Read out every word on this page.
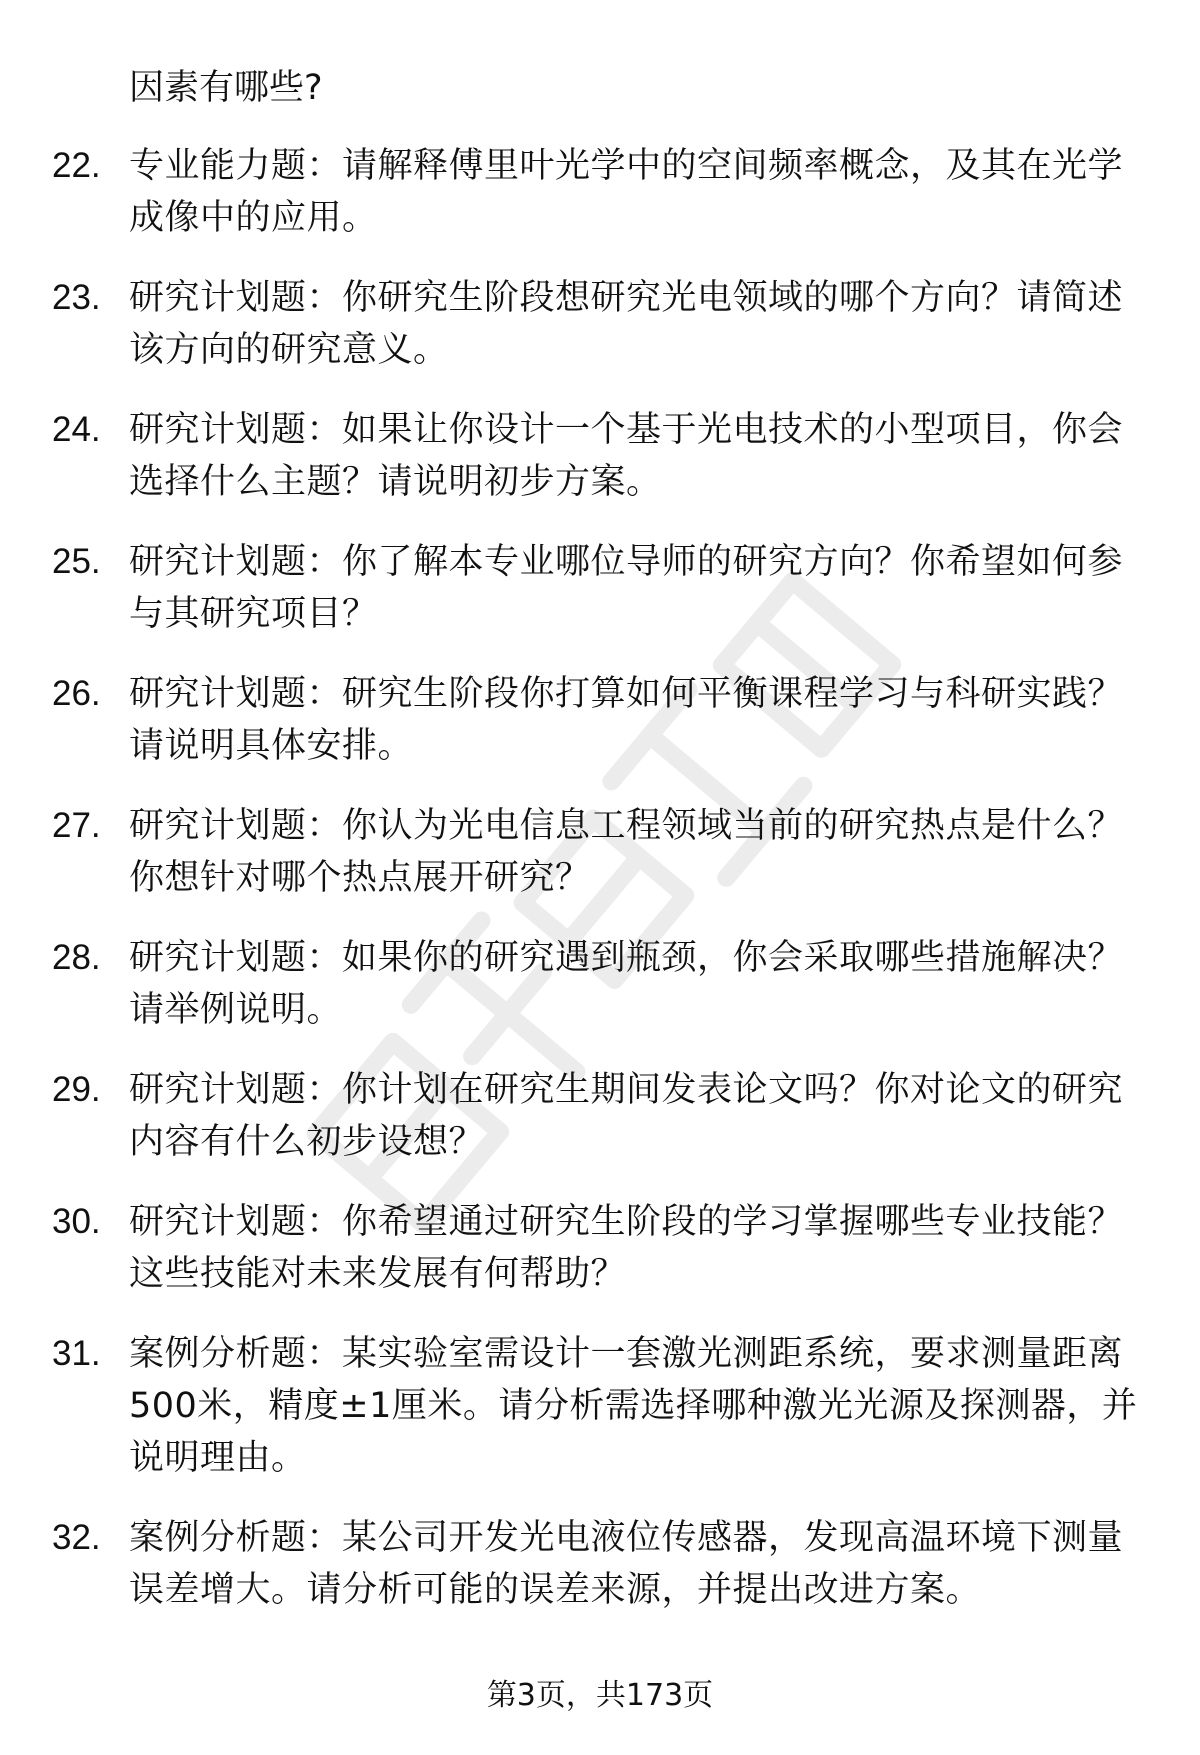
因素有哪些?
22. 专业能力题：请解释傅里叶光学中的空间频率概念，及其在光学成像中的应用。
23. 研究计划题：你研究生阶段想研究光电领域的哪个方向？请简述该方向的研究意义。
24. 研究计划题：如果让你设计一个基于光电技术的小型项目，你会选择什么主题？请说明初步方案。
25. 研究计划题：你了解本专业哪位导师的研究方向？你希望如何参与其研究项目？
26. 研究计划题：研究生阶段你打算如何平衡课程学习与科研实践？请说明具体安排。
27. 研究计划题：你认为光电信息工程领域当前的研究热点是什么？你想针对哪个热点展开研究？
28. 研究计划题：如果你的研究遇到瓶颈，你会采取哪些措施解决？请举例说明。
29. 研究计划题：你计划在研究生期间发表论文吗？你对论文的研究内容有什么初步设想？
30. 研究计划题：你希望通过研究生阶段的学习掌握哪些专业技能？这些技能对未来发展有何帮助？
31. 案例分析题：某实验室需设计一套激光测距系统，要求测量距离500米，精度±1厘米。请分析需选择哪种激光光源及探测器，并说明理由。
32. 案例分析题：某公司开发光电液位传感器，发现高温环境下测量误差增大。请分析可能的误差来源，并提出改进方案。
第3页，共173页
